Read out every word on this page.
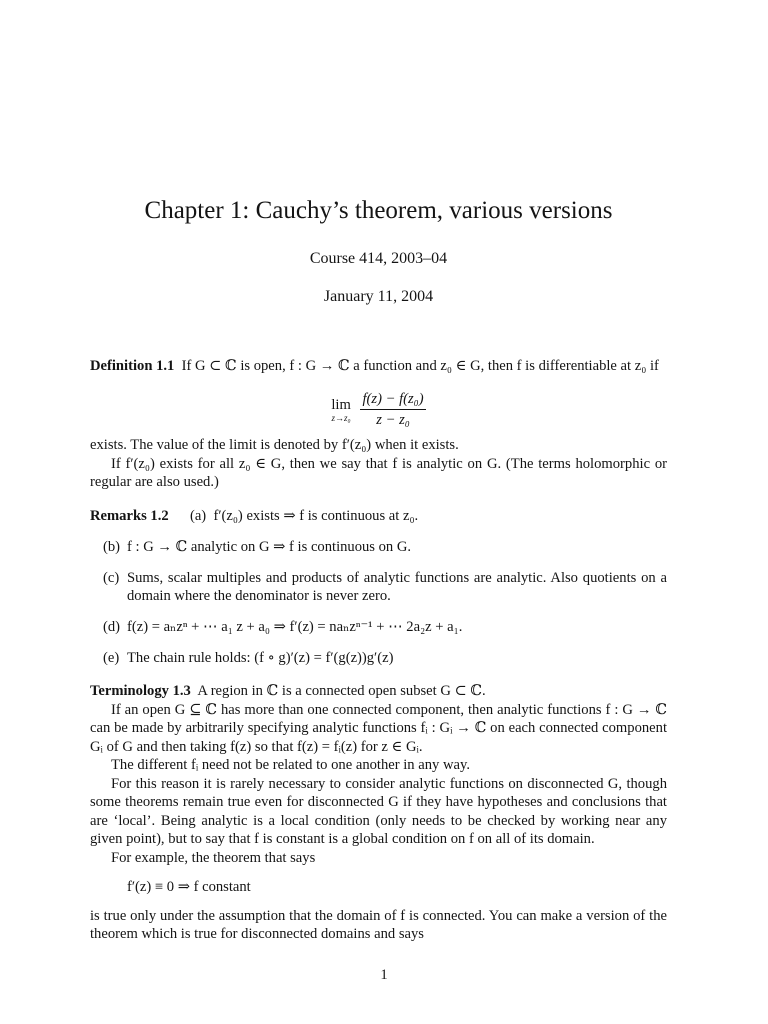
Chapter 1: Cauchy’s theorem, various versions
Course 414, 2003–04
January 11, 2004
Definition 1.1 If G ⊂ ℂ is open, f : G → ℂ a function and z₀ ∈ G, then f is differentiable at z₀ if
lim
z→z₀
$\frac{\text{f(z) − f(z₀)}}{\text{z − z₀}}$
exists. The value of the limit is denoted by f′(z₀) when it exists.
If f′(z₀) exists for all z₀ ∈ G, then we say that f is analytic on G. (The terms holomorphic or regular are also used.)
Remarks 1.2 (a) f′(z₀) exists ⇒ f is continuous at z₀.
(b) f : G → ℂ analytic on G ⇒ f is continuous on G.
(c) Sums, scalar multiples and products of analytic functions are analytic. Also quotients on a domain where the denominator is never zero.
(d) f(z) = aₙzⁿ + ⋯ a₁ z + a₀ ⇒ f′(z) = naₙzⁿ⁻¹ + ⋯ 2a₂z + a₁.
(e) The chain rule holds: (f ∘ g)′(z) = f′(g(z))g′(z)
Terminology 1.3 A region in ℂ is a connected open subset G ⊂ ℂ.
If an open G ⊆ ℂ has more than one connected component, then analytic functions f : G → ℂ can be made by arbitrarily specifying analytic functions fᵢ : Gᵢ → ℂ on each connected component Gᵢ of G and then taking f(z) so that f(z) = fᵢ(z) for z ∈ Gᵢ.
The different fᵢ need not be related to one another in any way.
For this reason it is rarely necessary to consider analytic functions on disconnected G, though some theorems remain true even for disconnected G if they have hypotheses and conclusions that are ‘local’. Being analytic is a local condition (only needs to be checked by working near any given point), but to say that f is constant is a global condition on f on all of its domain.
For example, the theorem that says
f′(z) ≡ 0 ⇒ f constant
is true only under the assumption that the domain of f is connected. You can make a version of the theorem which is true for disconnected domains and says
1
